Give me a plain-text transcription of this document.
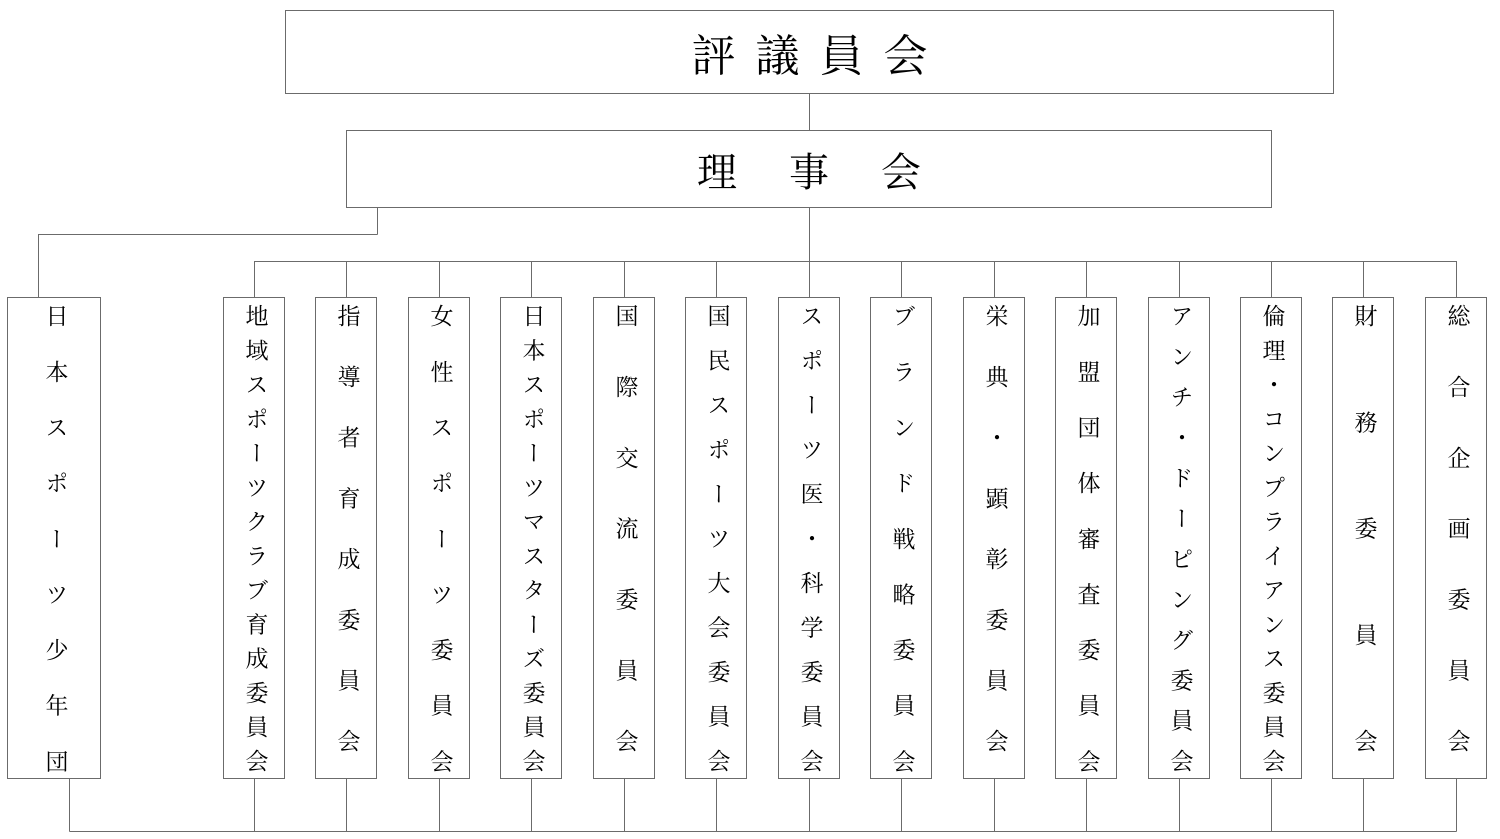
評議員会
理事会
日本スポーツ少年団	地域スポーツクラブ育成委員会	指導者育成委員会	女性スポーツ委員会	日本スポーツマスターズ委員会	国際交流委員会	国民スポーツ大会委員会	スポーツ医・科学委員会	ブランド戦略委員会	栄典・顕彰委員会	加盟団体審査委員会	アンチ・ドーピング委員会	倫理・コンプライアンス委員会	財務委員会	総合企画委員会
